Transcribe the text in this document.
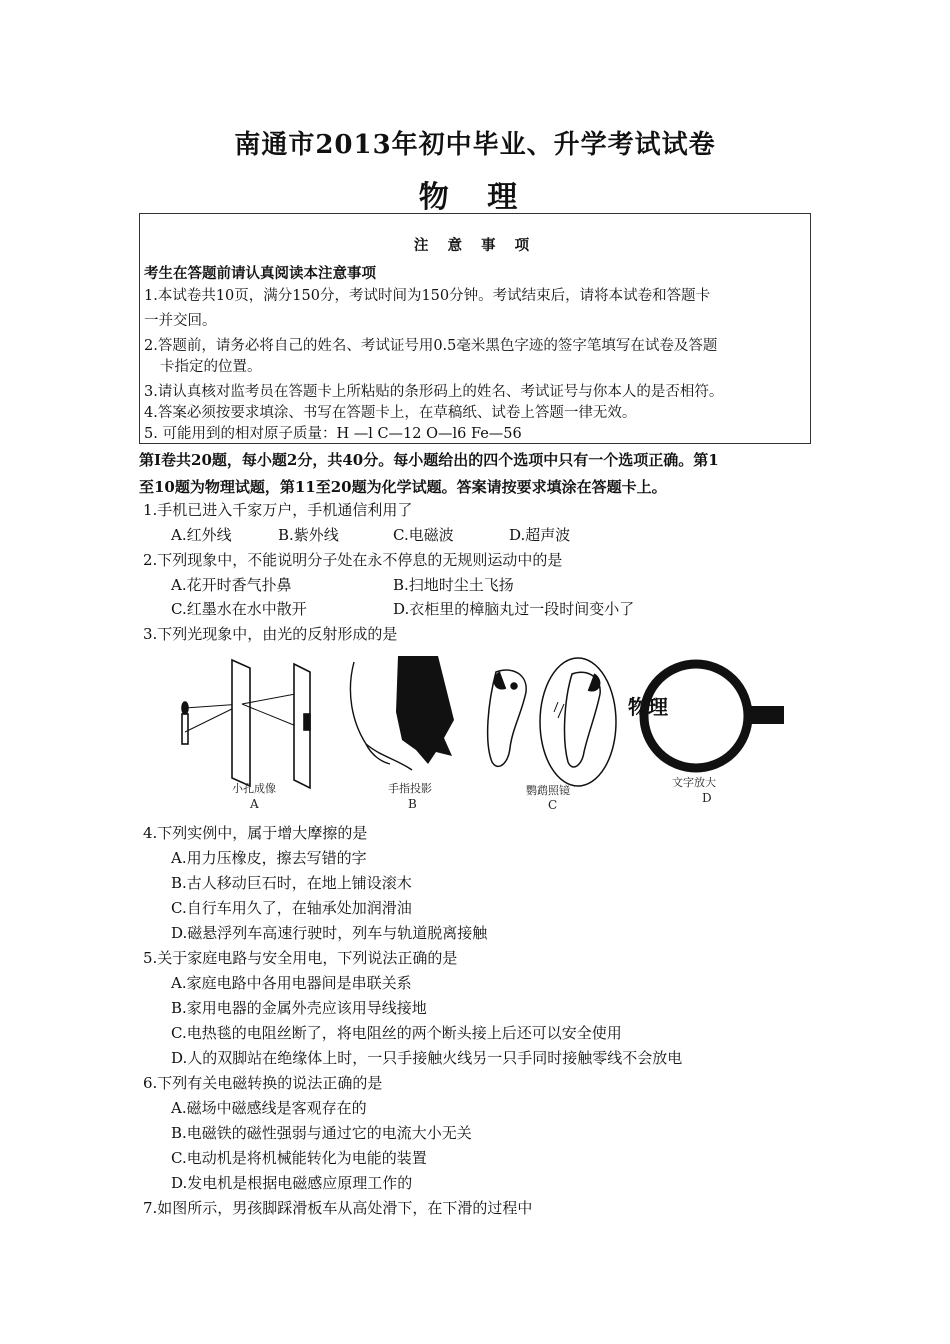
南通市2013年初中毕业、升学考试试卷
物 理
注 意 事 项
考生在答题前请认真阅读本注意事项
1.本试卷共10页，满分150分，考试时间为150分钟。考试结束后，请将本试卷和答题卡
一并交回。
2.答题前，请务必将自己的姓名、考试证号用0.5毫米黑色字迹的签字笔填写在试卷及答题
卡指定的位置。
3.请认真核对监考员在答题卡上所粘贴的条形码上的姓名、考试证号与你本人的是否相符。
4.答案必须按要求填涂、书写在答题卡上，在草稿纸、试卷上答题一律无效。
5. 可能用到的相对原子质量：H —l C—12 O—l6 Fe—56
第Ⅰ卷共20题，每小题2分，共40分。每小题给出的四个选项中只有一个选项正确。第1
至10题为物理试题，第11至20题为化学试题。答案请按要求填涂在答题卡上。
1.手机已进入千家万户，手机通信利用了
A.红外线	B.紫外线	C.电磁波	D.超声波
2.下列现象中，不能说明分子处在永不停息的无规则运动中的是
A.花开时香气扑鼻	B.扫地时尘土飞扬
C.红墨水在水中散开	D.衣柜里的樟脑丸过一段时间变小了
3.下列光现象中，由光的反射形成的是
小孔成像
A
手指投影
B
鹦鹉照镜
C
物理
文字放大
D
4.下列实例中，属于增大摩擦的是
A.用力压橡皮，擦去写错的字
B.古人移动巨石时，在地上铺设滚木
C.自行车用久了，在轴承处加润滑油
D.磁悬浮列车高速行驶时，列车与轨道脱离接触
5.关于家庭电路与安全用电，下列说法正确的是
A.家庭电路中各用电器间是串联关系
B.家用电器的金属外壳应该用导线接地
C.电热毯的电阻丝断了，将电阻丝的两个断头接上后还可以安全使用
D.人的双脚站在绝缘体上时，一只手接触火线另一只手同时接触零线不会放电
6.下列有关电磁转换的说法正确的是
A.磁场中磁感线是客观存在的
B.电磁铁的磁性强弱与通过它的电流大小无关
C.电动机是将机械能转化为电能的装置
D.发电机是根据电磁感应原理工作的
7.如图所示，男孩脚踩滑板车从高处滑下，在下滑的过程中
